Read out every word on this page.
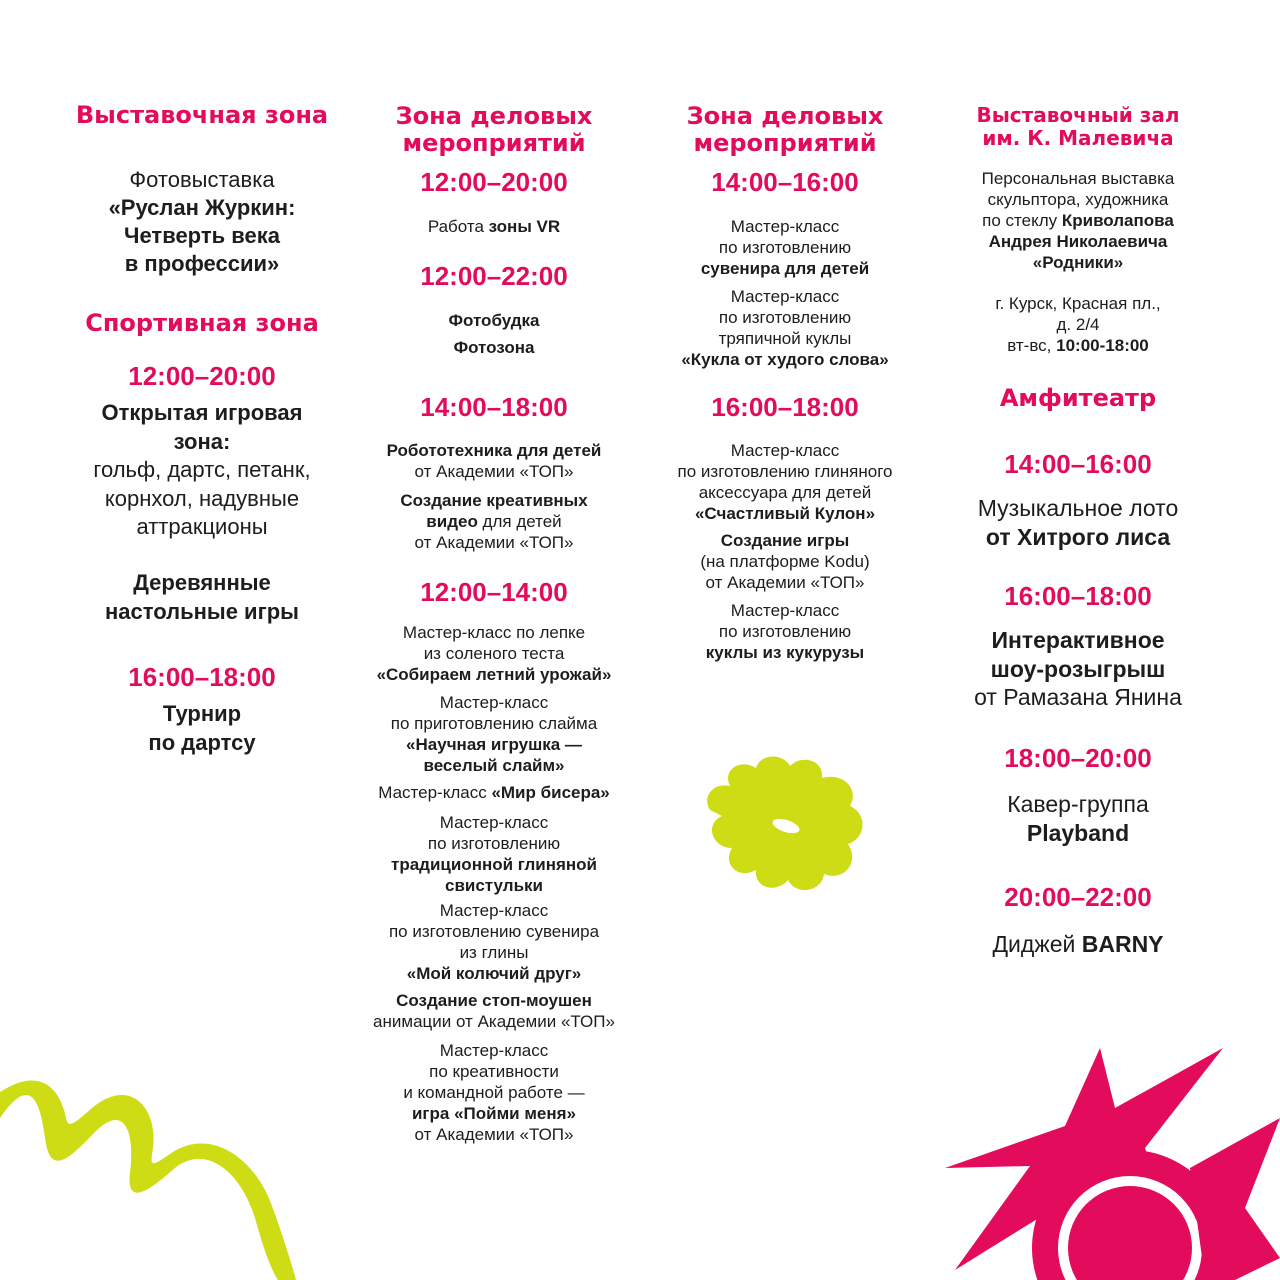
Выставочная зона
Фотовыставка
«Руслан Журкин:
Четверть века
в профессии»
Спортивная зона
12:00–20:00
Открытая игровая
зона:
гольф, дартс, петанк,
корнхол, надувные
аттракционы
Деревянные
настольные игры
16:00–18:00
Турнир
по дартсу
Зона деловых
мероприятий
12:00–20:00
Работа зоны VR
12:00–22:00
Фотобудка
Фотозона
14:00–18:00
Робототехника для детей
от Академии «ТОП»
Создание креативных
видео для детей
от Академии «ТОП»
12:00–14:00
Мастер-класс по лепке
из соленого теста
«Собираем летний урожай»
Мастер-класс
по приготовлению слайма
«Научная игрушка —
веселый слайм»
Мастер-класс «Мир бисера»
Мастер-класс
по изготовлению
традиционной глиняной
свистульки
Мастер-класс
по изготовлению сувенира
из глины
«Мой колючий друг»
Создание стоп-моушен
анимации от Академии «ТОП»
Мастер-класс
по креативности
и командной работе —
игра «Пойми меня»
от Академии «ТОП»
Зона деловых
мероприятий
14:00–16:00
Мастер-класс
по изготовлению
сувенира для детей
Мастер-класс
по изготовлению
тряпичной куклы
«Кукла от худого слова»
16:00–18:00
Мастер-класс
по изготовлению глиняного
аксессуара для детей
«Счастливый Кулон»
Создание игры
(на платформе Kodu)
от Академии «ТОП»
Мастер-класс
по изготовлению
куклы из кукурузы
Выставочный зал
им. К. Малевича
Персональная выставка
скульптора, художника
по стеклу Криволапова
Андрея Николаевича
«Родники»
г. Курск, Красная пл.,
д. 2/4
вт-вс, 10:00-18:00
Амфитеатр
14:00–16:00
Музыкальное лото
от Хитрого лиса
16:00–18:00
Интерактивное
шоу-розыгрыш
от Рамазана Янина
18:00–20:00
Кавер-группа
Playband
20:00–22:00
Диджей BARNY
